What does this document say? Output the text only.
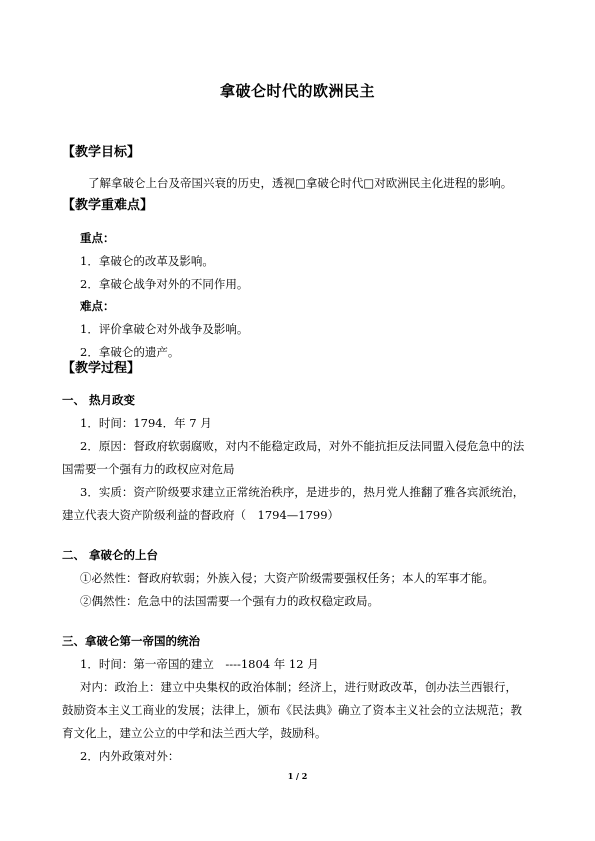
拿破仑时代的欧洲民主
【教学目标】
了解拿破仑上台及帝国兴衰的历史，透视□拿破仑时代□对欧洲民主化进程的影响。
【教学重难点】
重点：
1．拿破仑的改革及影响。
2．拿破仑战争对外的不同作用。
难点：
1．评价拿破仑对外战争及影响。
2．拿破仑的遗产。
【教学过程】
一、 热月政变
1．时间：1794．年 7 月
2．原因：督政府软弱腐败，对内不能稳定政局，对外不能抗拒反法同盟入侵危急中的法
国需要一个强有力的政权应对危局
3．实质：资产阶级要求建立正常统治秩序，是进步的，热月党人推翻了雅各宾派统治，
建立代表大资产阶级利益的督政府（　1794—1799）
二、 拿破仑的上台
①必然性：督政府软弱；外族入侵；大资产阶级需要强权任务；本人的军事才能。
②偶然性：危急中的法国需要一个强有力的政权稳定政局。
三、拿破仑第一帝国的统治
1．时间：第一帝国的建立　----1804 年 12 月
对内：政治上：建立中央集权的政治体制；经济上，进行财政改革，创办法兰西银行，
鼓励资本主义工商业的发展；法律上，颁布《民法典》确立了资本主义社会的立法规范；教
育文化上，建立公立的中学和法兰西大学，鼓励科。
2．内外政策对外：
1 / 2
